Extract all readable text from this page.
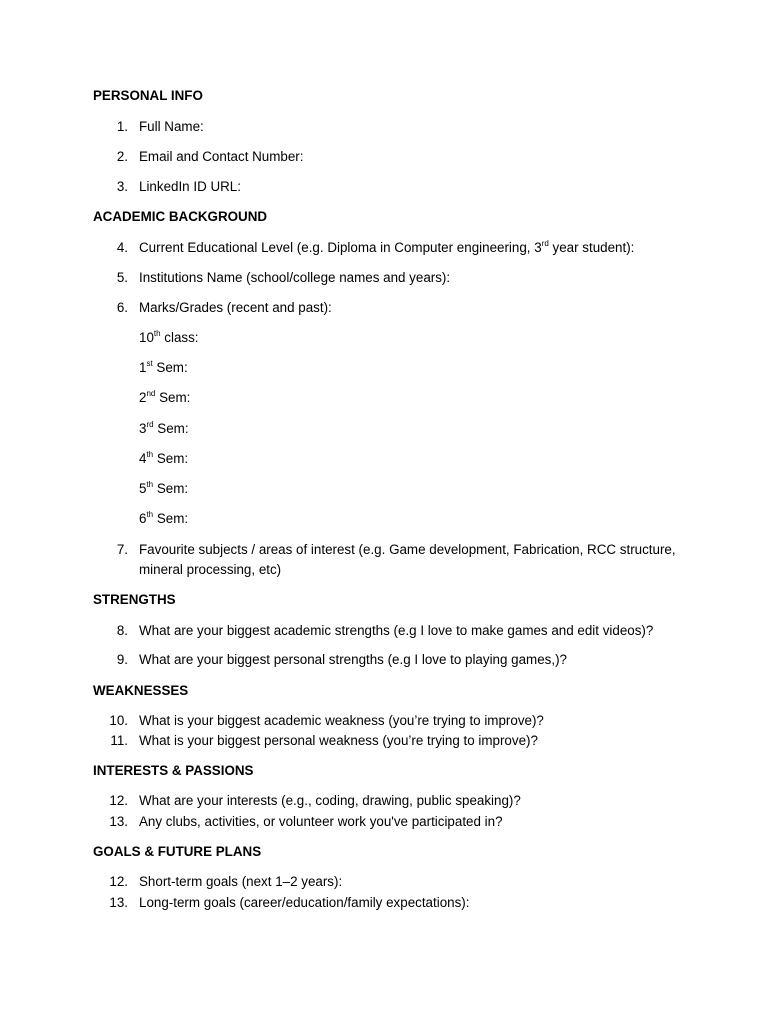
PERSONAL INFO
1. Full Name:
2. Email and Contact Number:
3. LinkedIn ID URL:
ACADEMIC BACKGROUND
4. Current Educational Level (e.g. Diploma in Computer engineering, 3rd year student):
5. Institutions Name (school/college names and years):
6. Marks/Grades (recent and past):
10th class:
1st Sem:
2nd Sem:
3rd Sem:
4th Sem:
5th Sem:
6th Sem:
7. Favourite subjects / areas of interest (e.g. Game development, Fabrication, RCC structure,
mineral processing, etc)
STRENGTHS
8. What are your biggest academic strengths (e.g I love to make games and edit videos)?
9. What are your biggest personal strengths (e.g I love to playing games,)?
WEAKNESSES
10. What is your biggest academic weakness (you’re trying to improve)?
11. What is your biggest personal weakness (you’re trying to improve)?
INTERESTS & PASSIONS
12. What are your interests (e.g., coding, drawing, public speaking)?
13. Any clubs, activities, or volunteer work you've participated in?
GOALS & FUTURE PLANS
12. Short-term goals (next 1–2 years):
13. Long-term goals (career/education/family expectations):
